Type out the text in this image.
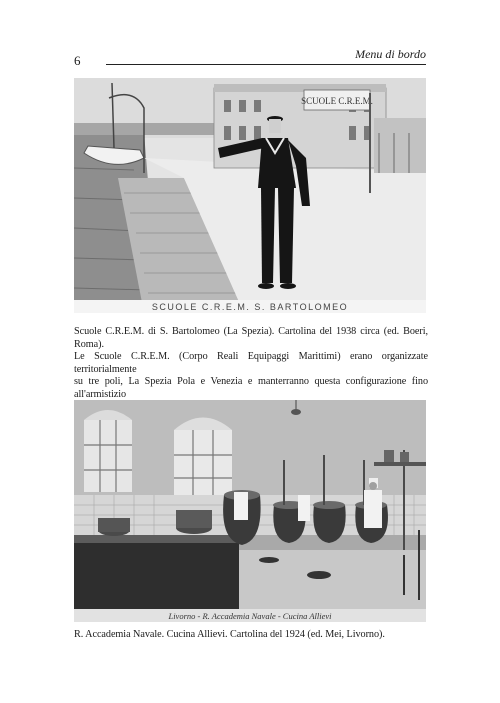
6	Menu di bordo
SCUOLE C.R.E.M.
SCUOLE C.R.E.M. S. BARTOLOMEO
Scuole C.R.E.M. di S. Bartolomeo (La Spezia). Cartolina del 1938 circa (ed. Boeri, Roma).
Le Scuole C.R.E.M. (Corpo Reali Equipaggi Marittimi) erano organizzate territorialmente
su tre poli, La Spezia Pola e Venezia e manterranno questa configurazione fino all'armistizio
Livorno - R. Accademia Navale - Cucina Allievi
R. Accademia Navale. Cucina Allievi. Cartolina del 1924 (ed. Mei, Livorno).
